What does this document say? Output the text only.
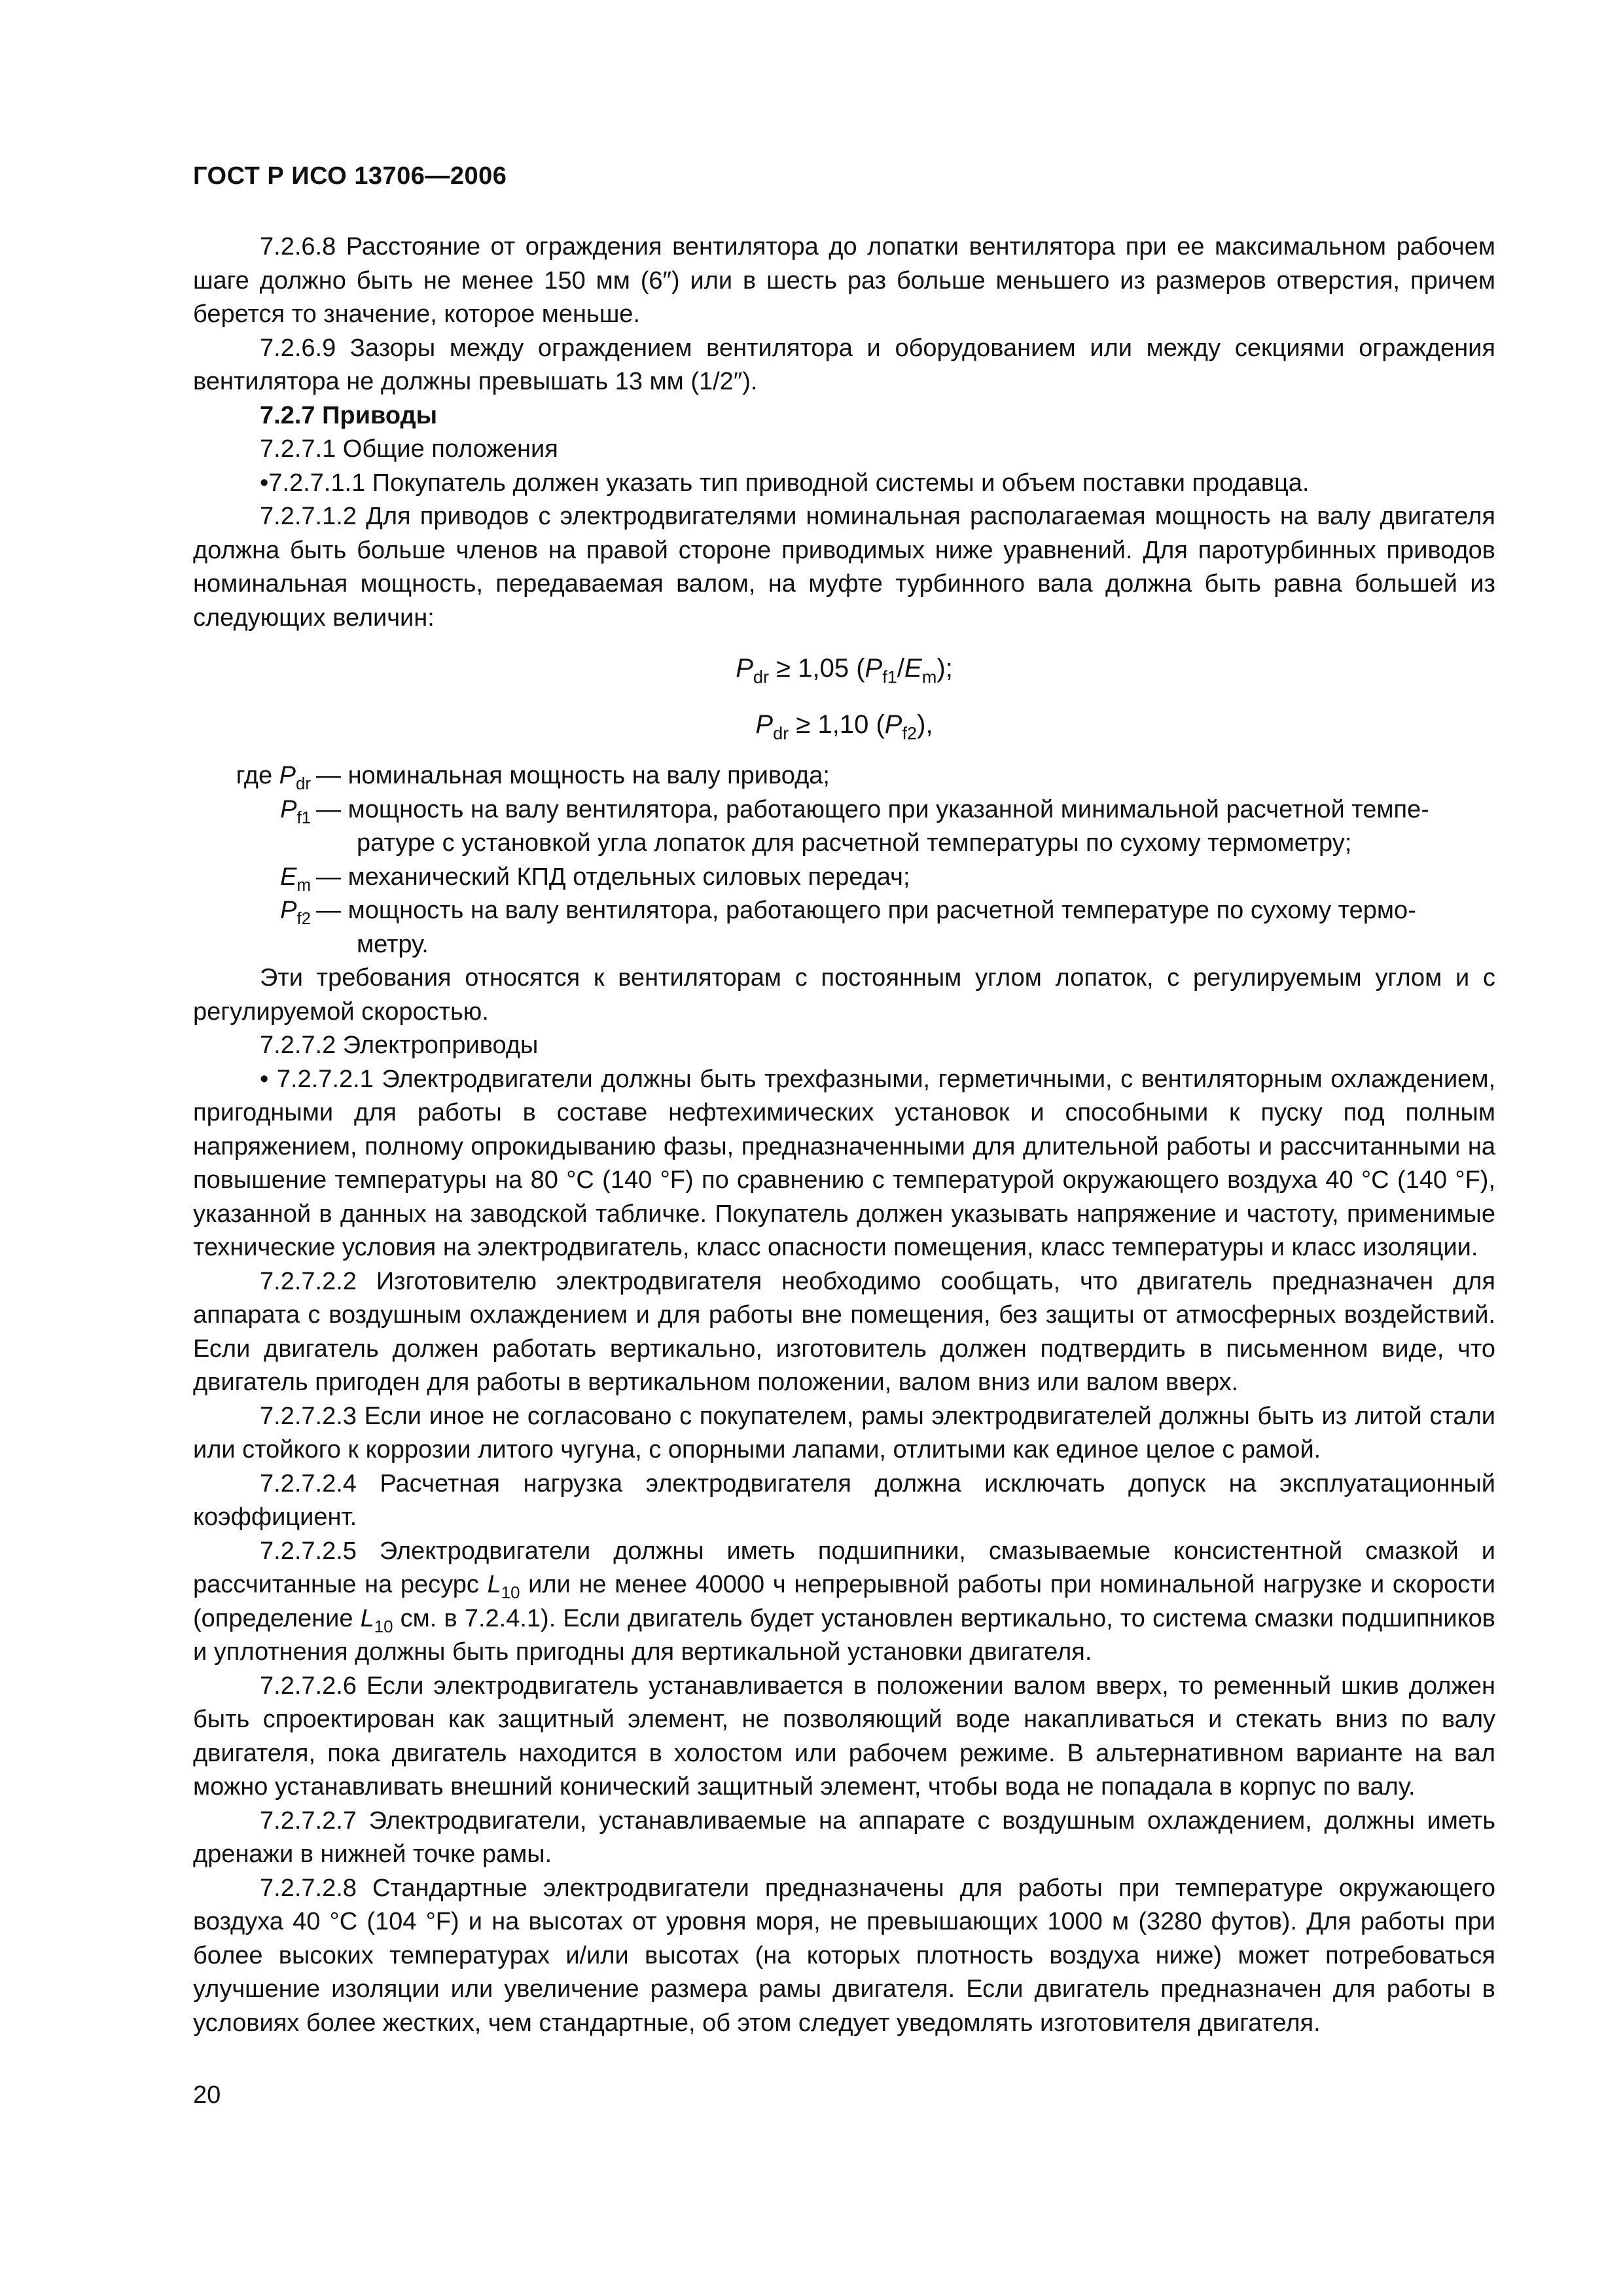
ГОСТ Р ИСО 13706—2006

7.2.6.8 Расстояние от ограждения вентилятора до лопатки вентилятора при ее максимальном рабочем шаге должно быть не менее 150 мм (6″) или в шесть раз больше меньшего из размеров отверстия, причем берется то значение, которое меньше.

7.2.6.9 Зазоры между ограждением вентилятора и оборудованием или между секциями ограждения вентилятора не должны превышать 13 мм (1/2″).

7.2.7 Приводы

7.2.7.1 Общие положения

•7.2.7.1.1 Покупатель должен указать тип приводной системы и объем поставки продавца.

7.2.7.1.2 Для приводов с электродвигателями номинальная располагаемая мощность на валу двигателя должна быть больше членов на правой стороне приводимых ниже уравнений. Для паротурбинных приводов номинальная мощность, передаваемая валом, на муфте турбинного вала должна быть равна большей из следующих величин:

$P_{dr} \ge 1,05$ $(P_{f1}/E_m)$;
$P_{dr} \ge 1,10$ $(P_{f2})$,
где $P_{dr}$ — номинальная мощность на валу привода;
$P_{f1}$ — мощность на валу вентилятора, работающего при указанной минимальной расчетной темпе-
ратуре с установкой угла лопаток для расчетной температуры по сухому термометру;
$E_m$ — механический КПД отдельных силовых передач;
$P_{f2}$ — мощность на валу вентилятора, работающего при расчетной температуре по сухому термо-
метру.

Эти требования относятся к вентиляторам с постоянным углом лопаток, с регулируемым углом и с регулируемой скоростью.

7.2.7.2 Электроприводы

• 7.2.7.2.1 Электродвигатели должны быть трехфазными, герметичными, с вентиляторным охлаждением, пригодными для работы в составе нефтехимических установок и способными к пуску под полным напряжением, полному опрокидыванию фазы, предназначенными для длительной работы и рассчитанными на повышение температуры на 80 °С (140 °F) по сравнению с температурой окружающего воздуха 40 °С (140 °F), указанной в данных на заводской табличке. Покупатель должен указывать напряжение и частоту, применимые технические условия на электродвигатель, класс опасности помещения, класс температуры и класс изоляции.

7.2.7.2.2 Изготовителю электродвигателя необходимо сообщать, что двигатель предназначен для аппарата с воздушным охлаждением и для работы вне помещения, без защиты от атмосферных воздействий. Если двигатель должен работать вертикально, изготовитель должен подтвердить в письменном виде, что двигатель пригоден для работы в вертикальном положении, валом вниз или валом вверх.

7.2.7.2.3 Если иное не согласовано с покупателем, рамы электродвигателей должны быть из литой стали или стойкого к коррозии литого чугуна, с опорными лапами, отлитыми как единое целое с рамой.

7.2.7.2.4 Расчетная нагрузка электродвигателя должна исключать допуск на эксплуатационный коэффициент.

7.2.7.2.5 Электродвигатели должны иметь подшипники, смазываемые консистентной смазкой и рассчитанные на ресурс $L_{10}$ или не менее 40000 ч непрерывной работы при номинальной нагрузке и скорости (определение $L_{10}$ см. в 7.2.4.1). Если двигатель будет установлен вертикально, то система смазки подшипников и уплотнения должны быть пригодны для вертикальной установки двигателя.

7.2.7.2.6 Если электродвигатель устанавливается в положении валом вверх, то ременный шкив должен быть спроектирован как защитный элемент, не позволяющий воде накапливаться и стекать вниз по валу двигателя, пока двигатель находится в холостом или рабочем режиме. В альтернативном варианте на вал можно устанавливать внешний конический защитный элемент, чтобы вода не попадала в корпус по валу.

7.2.7.2.7 Электродвигатели, устанавливаемые на аппарате с воздушным охлаждением, должны иметь дренажи в нижней точке рамы.

7.2.7.2.8 Стандартные электродвигатели предназначены для работы при температуре окружающего воздуха 40 °С (104 °F) и на высотах от уровня моря, не превышающих 1000 м (3280 футов). Для работы при более высоких температурах и/или высотах (на которых плотность воздуха ниже) может потребоваться улучшение изоляции или увеличение размера рамы двигателя. Если двигатель предназначен для работы в условиях более жестких, чем стандартные, об этом следует уведомлять изготовителя двигателя.

20
